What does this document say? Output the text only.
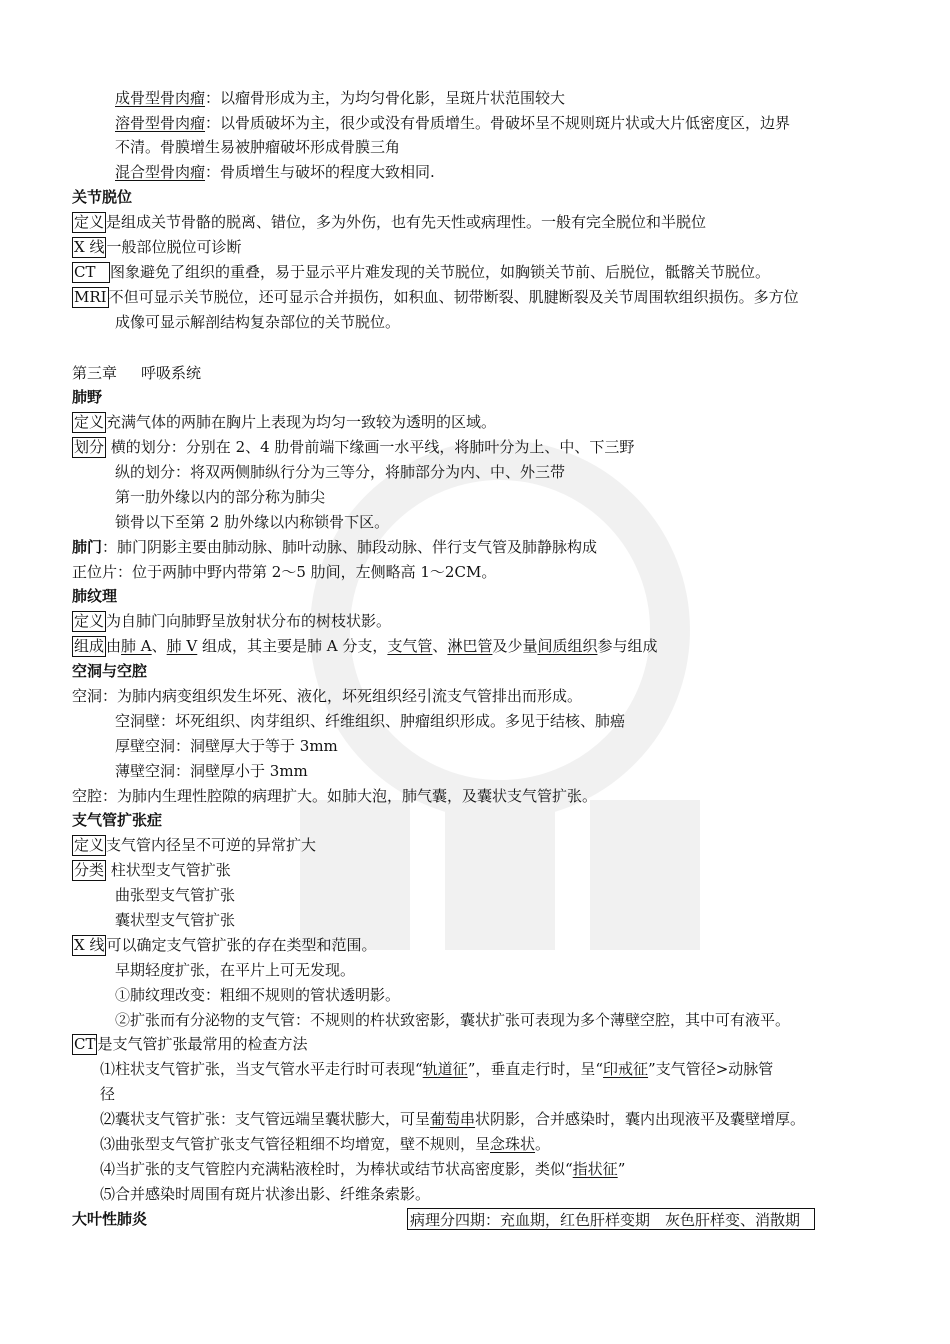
成骨型骨肉瘤：以瘤骨形成为主，为均匀骨化影，呈斑片状范围较大
溶骨型骨肉瘤：以骨质破坏为主，很少或没有骨质增生。骨破坏呈不规则斑片状或大片低密度区，边界
不清。骨膜增生易被肿瘤破坏形成骨膜三角
混合型骨肉瘤：骨质增生与破坏的程度大致相同.
关节脱位
定义 是组成关节骨骼的脱离、错位，多为外伤，也有先天性或病理性。一般有完全脱位和半脱位
X 线 一般部位脱位可诊断
CT 图象避免了组织的重叠，易于显示平片难发现的关节脱位，如胸锁关节前、后脱位，骶髂关节脱位。
MRI 不但可显示关节脱位，还可显示合并损伤，如积血、韧带断裂、肌腱断裂及关节周围软组织损伤。多方位
成像可显示解剖结构复杂部位的关节脱位。
第三章 呼吸系统
肺野
定义 充满气体的两肺在胸片上表现为均匀一致较为透明的区域。
划分 横的划分：分别在 2、4 肋骨前端下缘画一水平线，将肺叶分为上、中、下三野
纵的划分：将双两侧肺纵行分为三等分，将肺部分为内、中、外三带
第一肋外缘以内的部分称为肺尖
锁骨以下至第 2 肋外缘以内称锁骨下区。
肺门：肺门阴影主要由肺动脉、肺叶动脉、肺段动脉、伴行支气管及肺静脉构成
正位片：位于两肺中野内带第 2～5 肋间，左侧略高 1～2CM。
肺纹理
定义 为自肺门向肺野呈放射状分布的树枝状影。
组成 由肺 A、肺 V 组成，其主要是肺 A 分支，支气管、淋巴管及少量间质组织参与组成
空洞与空腔
空洞：为肺内病变组织发生坏死、液化，坏死组织经引流支气管排出而形成。
空洞壁：坏死组织、肉芽组织、纤维组织、肿瘤组织形成。多见于结核、肺癌
厚壁空洞：洞壁厚大于等于 3mm
薄壁空洞：洞壁厚小于 3mm
空腔：为肺内生理性腔隙的病理扩大。如肺大泡，肺气囊，及囊状支气管扩张。
支气管扩张症
定义 支气管内径呈不可逆的异常扩大
分类 柱状型支气管扩张
曲张型支气管扩张
囊状型支气管扩张
X 线 可以确定支气管扩张的存在类型和范围。
早期轻度扩张，在平片上可无发现。
①肺纹理改变：粗细不规则的管状透明影。
②扩张而有分泌物的支气管：不规则的杵状致密影，囊状扩张可表现为多个薄壁空腔，其中可有液平。
CT 是支气管扩张最常用的检查方法
⑴柱状支气管扩张，当支气管水平走行时可表现“轨道征”，垂直走行时，呈“印戒征”支气管径>动脉管
径
⑵囊状支气管扩张：支气管远端呈囊状膨大，可呈葡萄串状阴影，合并感染时，囊内出现液平及囊壁增厚。
⑶曲张型支气管扩张支气管径粗细不均增宽，壁不规则，呈念珠状。
⑷当扩张的支气管腔内充满粘液栓时，为棒状或结节状高密度影，类似“指状征”
⑸合并感染时周围有斑片状渗出影、纤维条索影。
大叶性肺炎	病理分四期：充血期，红色肝样变期　灰色肝样变、消散期
